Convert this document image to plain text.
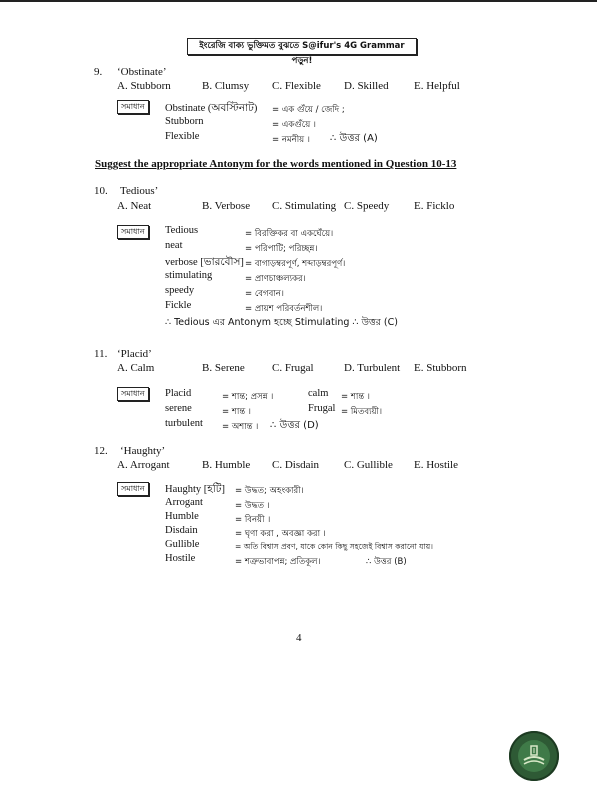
ইংরেজি বাক্য ভুক্তিমত বুঝতে S@ifur's 4G Grammar পড়ুন!
9. ‘Obstinate’
A. Stubborn	B. Clumsy C. Flexible D. Skilled E. Helpful
সমাধান	Obstinate (অবস্টিনাট) = এক গুঁয়ে / জেদি ;
Stubborn	= একগুঁয়ে ।
Flexible	= নমনীয় । ∴ উত্তর (A)
Suggest the appropriate Antonym for the words mentioned in Question 10-13
10. Tedious’
A. Neat	B. Verbose C. Stimulating C. Speedy E. Ficklo
সমাধান	Tedious	= বিরক্তিকর বা একঘেঁয়ে।
neat	= পরিপাটি; পরিচ্ছন্ন।
verbose [ভারবৌস] = বাগাড়ম্বরপূর্ণ, শব্দাড়ম্বরপূর্ণ।
stimulating	= প্রাণচাঞ্চল্যকর।
speedy	= বেগবান।
Fickle	= প্রায়শ পরিবর্তনশীল।
∴ Tedious এর Antonym হচ্ছে Stimulating ∴ উত্তর (C)
11. ‘Placid’
A. Calm	B. Serene C. Frugal	D. Turbulent E. Stubborn
সমাধান	Placid	= শান্ত; প্রসন্ন ।	calm = শান্ত ।
serene	= শান্ত ।	Frugal = মিতব্যয়ী।
turbulent = অশান্ত । ∴ উত্তর (D)
12. ‘Haughty’
A. Arrogant	B. Humble C. Disdain C. Gullible E. Hostile
সমাধান	Haughty [হটি] = উদ্ধত; অহংকারী।
Arrogant	= উদ্ধত ।
Humble	= বিনয়ী ।
Disdain	= ঘৃণা করা , অবজ্ঞা করা ।
Gullible	= অতি বিশ্বাস প্রবণ, যাকে কোন কিছু সহজেই বিশ্বাস করানো যায়।
Hostile	= শত্রুভাবাপন্ন; প্রতিকূল।	∴ উত্তর (B)
4
